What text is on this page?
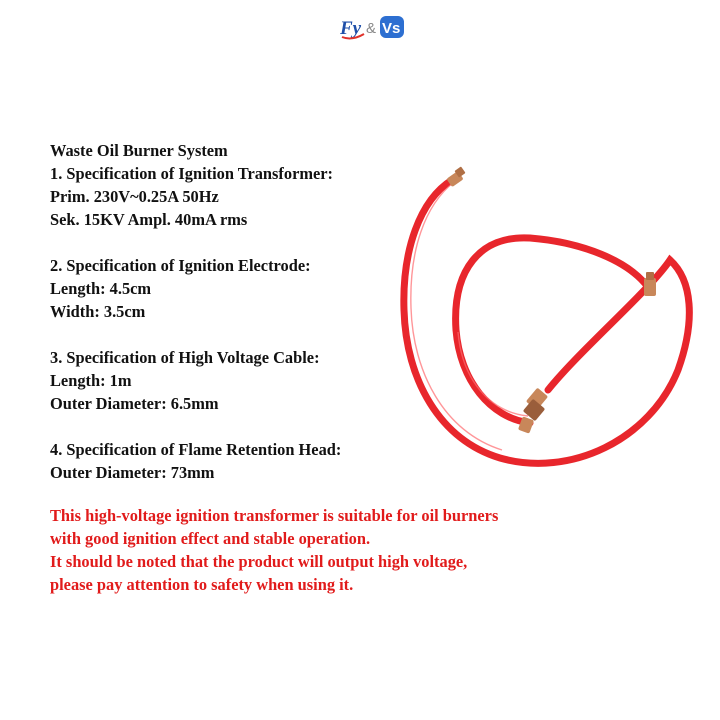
Fy & Vs
Waste Oil Burner System
1. Specification of Ignition Transformer:
Prim. 230V~0.25A 50Hz
Sek. 15KV Ampl. 40mA rms
2. Specification of Ignition Electrode:
Length: 4.5cm
Width: 3.5cm
3. Specification of High Voltage Cable:
Length: 1m
Outer Diameter: 6.5mm
4. Specification of Flame Retention Head:
Outer Diameter: 73mm
This high-voltage ignition transformer is suitable for oil burners
with good ignition effect and stable operation.
It should be noted that the product will output high voltage,
please pay attention to safety when using it.
